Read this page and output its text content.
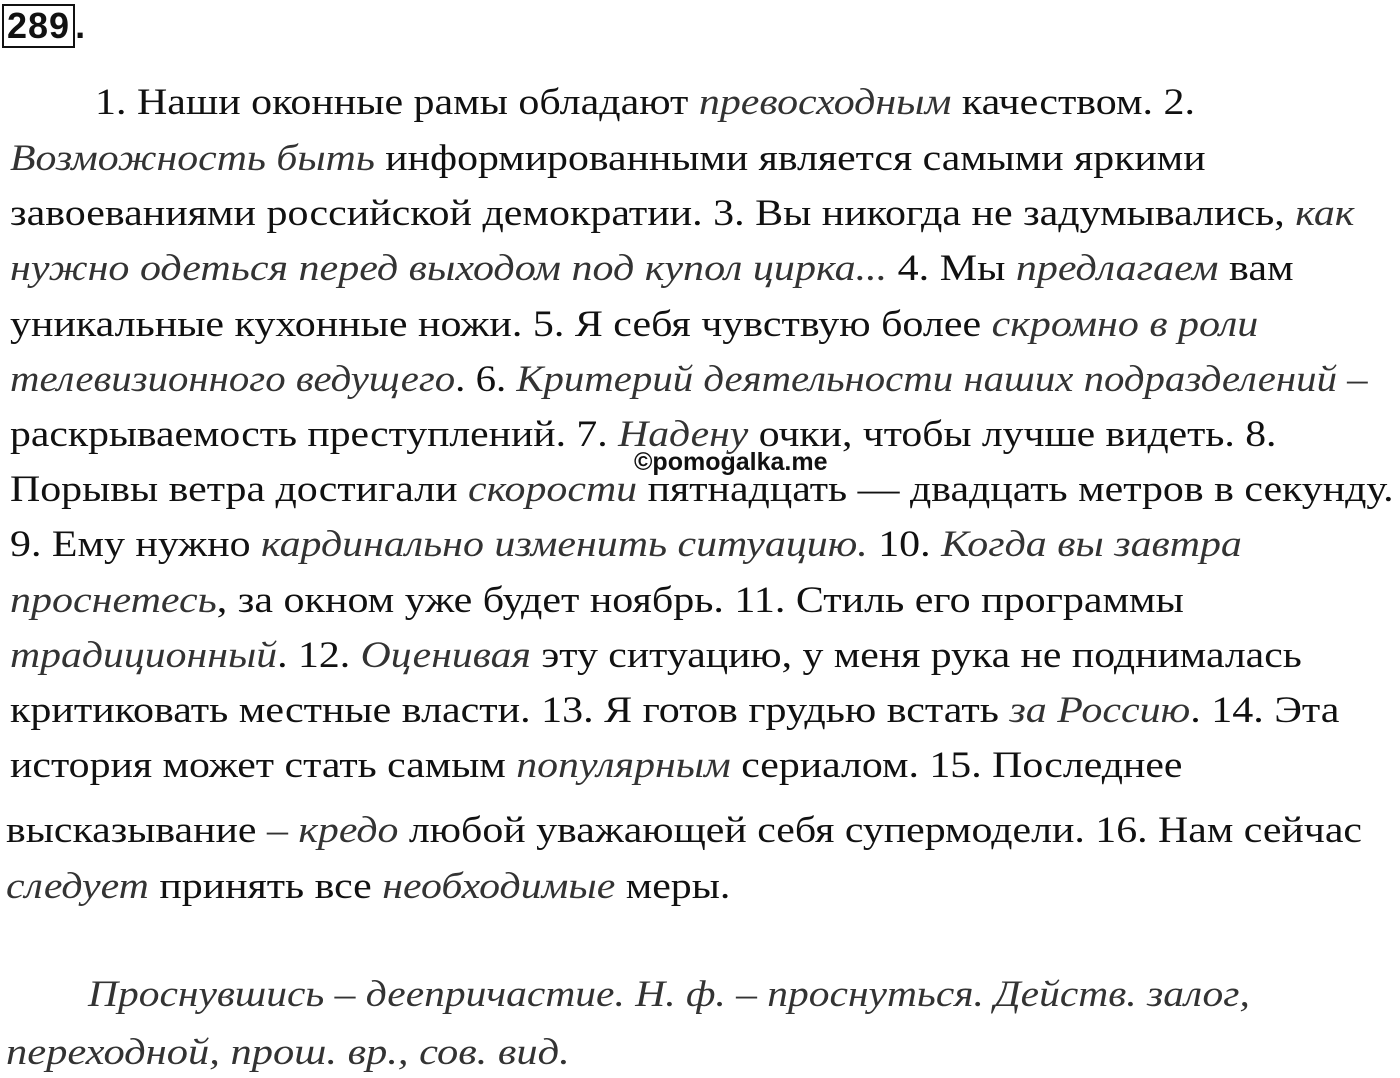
289 .
1. Наши оконные рамы обладают превосходным качеством. 2.
Возможность быть информированными является самыми яркими
завоеваниями российской демократии. 3. Вы никогда не задумывались, как
нужно одеться перед выходом под купол цирка... 4. Мы предлагаем вам
уникальные кухонные ножи. 5. Я себя чувствую более скромно в роли
телевизионного ведущего. 6. Критерий деятельности наших подразделений –
раскрываемость преступлений. 7. Надену очки, чтобы лучше видеть. 8.
Порывы ветра достигали скорости пятнадцать — двадцать метров в секунду.
9. Ему нужно кардинально изменить ситуацию. 10. Когда вы завтра
проснетесь, за окном уже будет ноябрь. 11. Стиль его программы
традиционный. 12. Оценивая эту ситуацию, у меня рука не поднималась
критиковать местные власти. 13. Я готов грудью встать за Россию. 14. Эта
история может стать самым популярным сериалом. 15. Последнее
высказывание – кредо любой уважающей себя супермодели. 16. Нам сейчас
следует принять все необходимые меры.
Проснувшись – деепричастие. Н. ф. – проснуться. Действ. залог,
переходной, прош. вр., сов. вид.
©pomogalka.me
